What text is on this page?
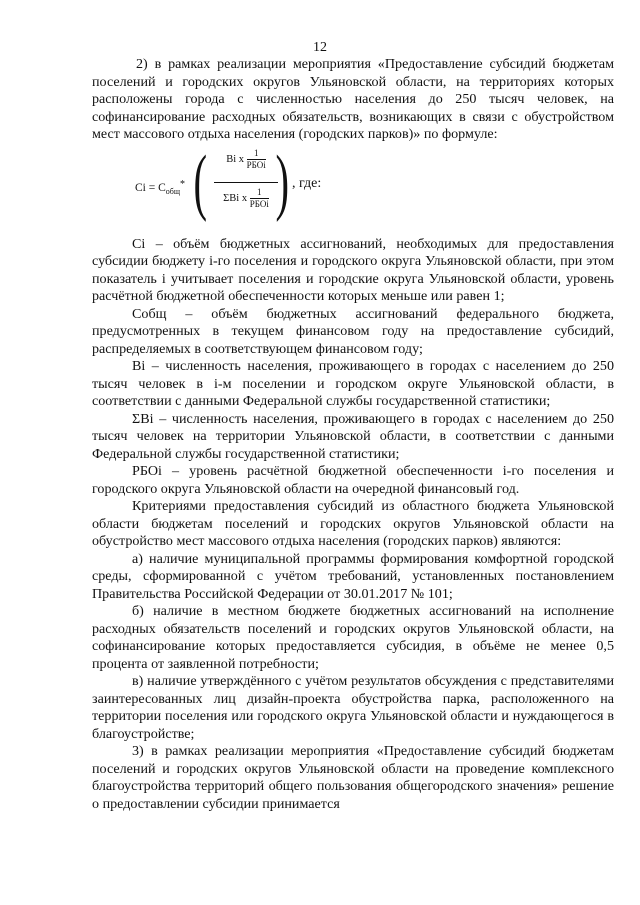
12

2) в рамках реализации мероприятия «Предоставление субсидий бюджетам поселений и городских округов Ульяновской области, на территориях которых расположены города с численностью населения до 250 тысяч человек, на софинансирование расходных обязательств, возникающих в связи с обустройством мест массового отдыха населения (городских парков)» по формуле:

$Ci = C_{общ}*$ (	Bi x
1
РБОi
ΣBi x
1
РБОi ) , где:

Ci – объём бюджетных ассигнований, необходимых для предоставления субсидии бюджету i-го поселения и городского округа Ульяновской области, при этом показатель i учитывает поселения и городские округа Ульяновской области, уровень расчётной бюджетной обеспеченности которых меньше или равен 1;

Cобщ – объём бюджетных ассигнований федерального бюджета, предусмотренных в текущем финансовом году на предоставление субсидий, распределяемых в соответствующем финансовом году;

Bi – численность населения, проживающего в городах с населением до 250 тысяч человек в i-м поселении и городском округе Ульяновской области, в соответствии с данными Федеральной службы государственной статистики;

ΣBi – численность населения, проживающего в городах с населением до 250 тысяч человек на территории Ульяновской области, в соответствии с данными Федеральной службы государственной статистики;

РБОi – уровень расчётной бюджетной обеспеченности i-го поселения и городского округа Ульяновской области на очередной финансовый год.

Критериями предоставления субсидий из областного бюджета Ульяновской области бюджетам поселений и городских округов Ульяновской области на обустройство мест массового отдыха населения (городских парков) являются:

а) наличие муниципальной программы формирования комфортной городской среды, сформированной с учётом требований, установленных постановлением Правительства Российской Федерации от 30.01.2017 № 101;

б) наличие в местном бюджете бюджетных ассигнований на исполнение расходных обязательств поселений и городских округов Ульяновской области, на софинансирование которых предоставляется субсидия, в объёме не менее 0,5 процента от заявленной потребности;

в) наличие утверждённого с учётом результатов обсуждения с представителями заинтересованных лиц дизайн-проекта обустройства парка, расположенного на территории поселения или городского округа Ульяновской области и нуждающегося в благоустройстве;

3) в рамках реализации мероприятия «Предоставление субсидий бюджетам поселений и городских округов Ульяновской области на проведение комплексного благоустройства территорий общего пользования общегородского значения» решение о предоставлении субсидии принимается
